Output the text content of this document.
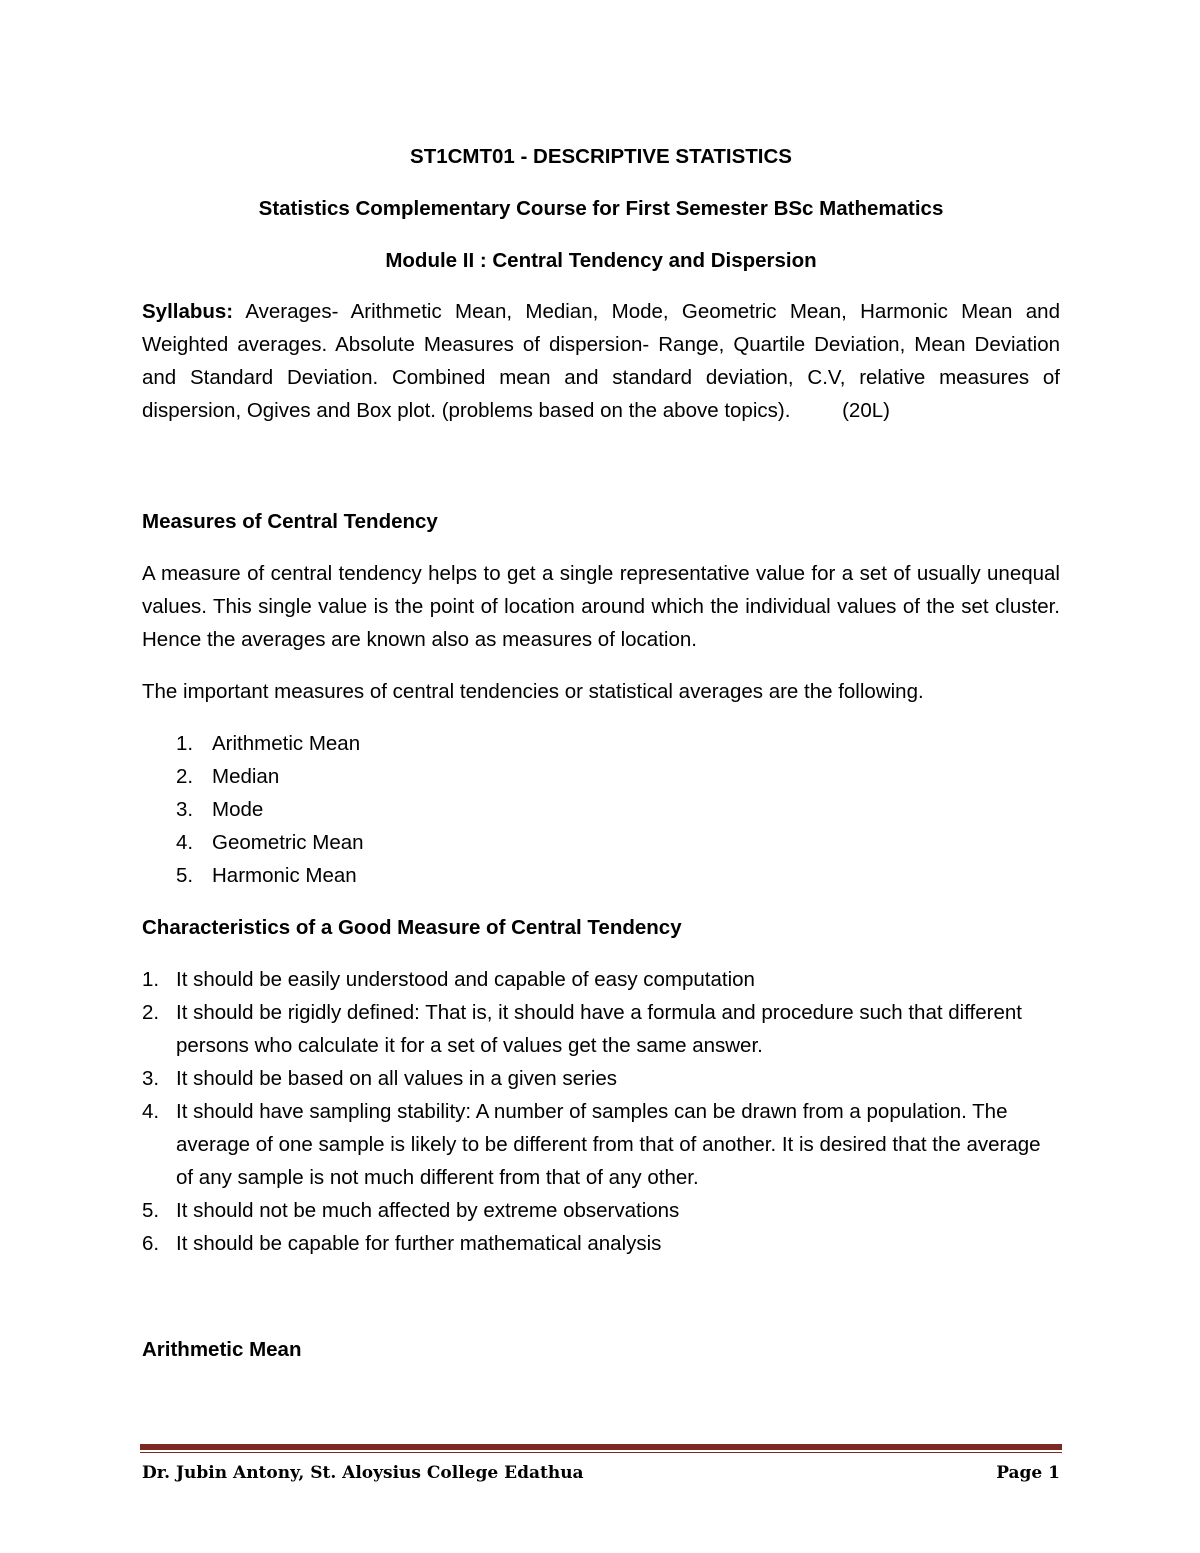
ST1CMT01 - DESCRIPTIVE STATISTICS
Statistics Complementary Course for First Semester BSc Mathematics
Module II : Central Tendency and Dispersion

Syllabus: Averages- Arithmetic Mean, Median, Mode, Geometric Mean, Harmonic Mean and Weighted averages. Absolute Measures of dispersion- Range, Quartile Deviation, Mean Deviation and Standard Deviation. Combined mean and standard deviation, C.V, relative measures of dispersion, Ogives and Box plot. (problems based on the above topics).	(20L)

Measures of Central Tendency

A measure of central tendency helps to get a single representative value for a set of usually unequal values. This single value is the point of location around which the individual values of the set cluster. Hence the averages are known also as measures of location.

The important measures of central tendencies or statistical averages are the following.

1. Arithmetic Mean
2. Median
3. Mode
4. Geometric Mean
5. Harmonic Mean
Characteristics of a Good Measure of Central Tendency
1. It should be easily understood and capable of easy computation
2. It should be rigidly defined: That is, it should have a formula and procedure such that different persons who calculate it for a set of values get the same answer.
3. It should be based on all values in a given series
4. It should have sampling stability: A number of samples can be drawn from a population. The average of one sample is likely to be different from that of another. It is desired that the average of any sample is not much different from that of any other.
5. It should not be much affected by extreme observations
6. It should be capable for further mathematical analysis
Arithmetic Mean
Dr. Jubin Antony, St. Aloysius College Edathua	Page 1
